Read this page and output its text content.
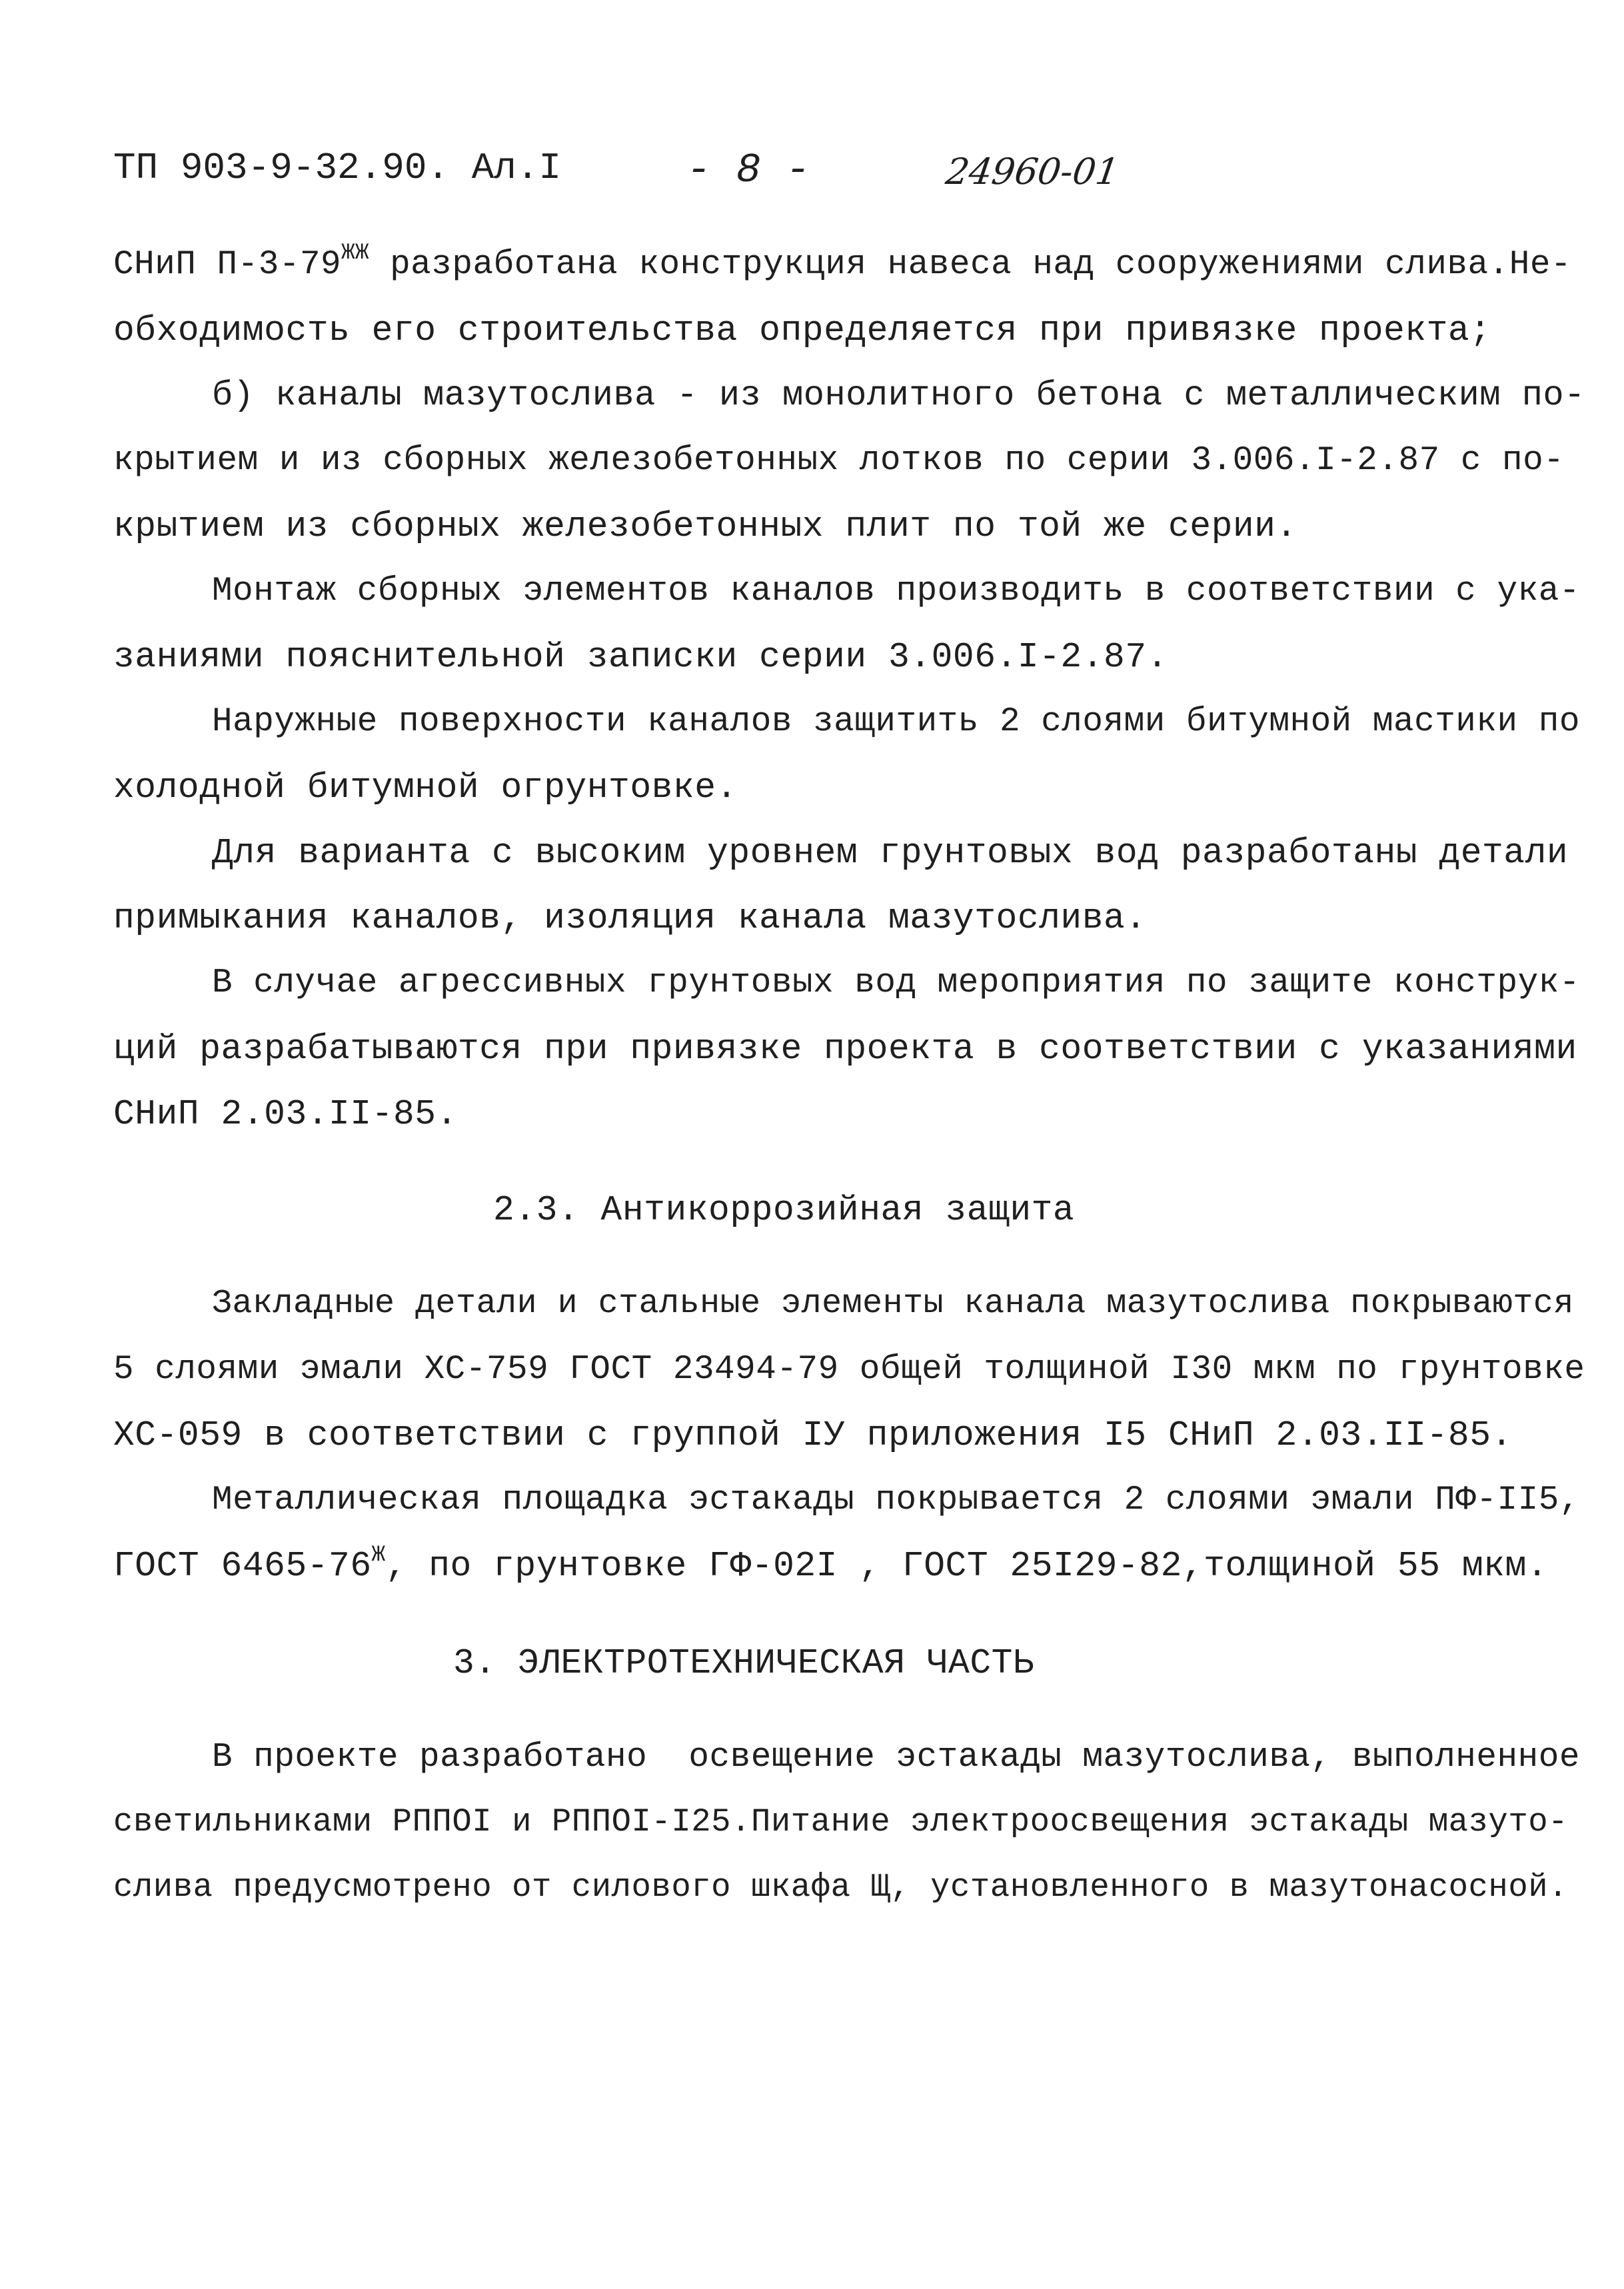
ТП 903-9-32.90. Ал.I	- 8 -	24960-01
СНиП $П-3-79^{ЖЖ}$ разработана конструкция навеса над сооружениями слива.Не-
обходимость его строительства определяется при привязке проекта;
б) каналы мазутослива - из монолитного бетона с металлическим по-
крытием и из сборных железобетонных лотков по серии 3.006.I-2.87 с по-
крытием из сборных железобетонных плит по той же серии.
Монтаж сборных элементов каналов производить в соответствии с ука-
заниями пояснительной записки серии 3.006.I-2.87.
Наружные поверхности каналов защитить 2 слоями битумной мастики по
холодной битумной огрунтовке.
Для варианта с высоким уровнем грунтовых вод разработаны детали
примыкания каналов, изоляция канала мазутослива.
В случае агрессивных грунтовых вод мероприятия по защите конструк-
ций разрабатываются при привязке проекта в соответствии с указаниями
СНиП 2.03.II-85.
2.3. Антикоррозийная защита
Закладные детали и стальные элементы канала мазутослива покрываются
5 слоями эмали ХС-759 ГОСТ 23494-79 общей толщиной I30 мкм по грунтовке
ХС-059 в соответствии с группой IУ приложения I5 СНиП 2.03.II-85.
Металлическая площадка эстакады покрывается 2 слоями эмали ПФ-II5,
ГОСТ $6465-76^Ж$, по грунтовке ГФ-02I , ГОСТ 25I29-82,толщиной 55 мкм.
3. ЭЛЕКТРОТЕХНИЧЕСКАЯ ЧАСТЬ
В проекте разработано  освещение эстакады мазутослива, выполненное
светильниками РППОI и РППОI-I25.Питание электроосвещения эстакады мазуто-
слива предусмотрено от силового шкафа Щ, установленного в мазутонасосной.
